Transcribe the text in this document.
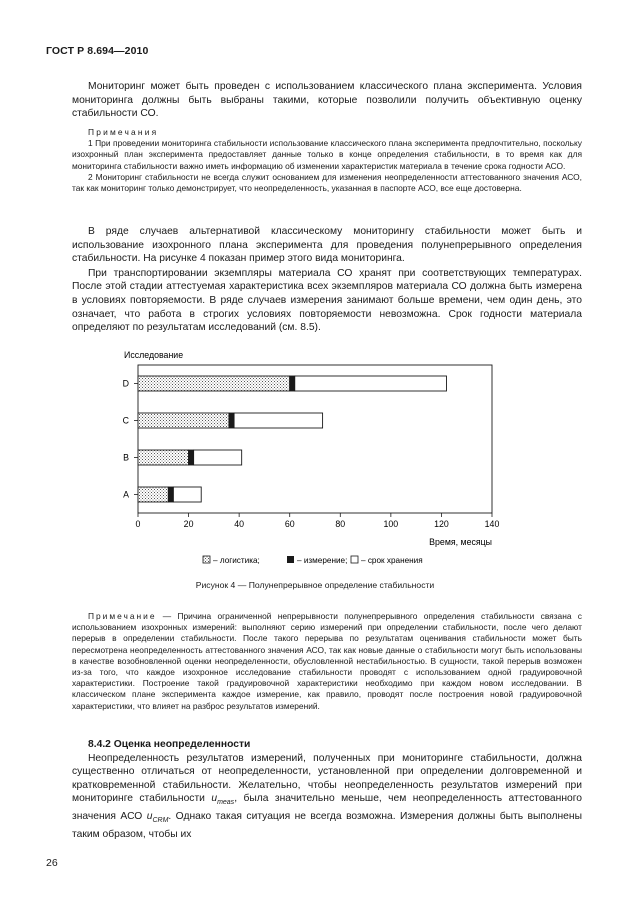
ГОСТ Р 8.694—2010

Мониторинг может быть проведен с использованием классического плана эксперимента. Условия мониторинга должны быть выбраны такими, которые позволили получить объективную оценку стабильности СО.

Примечания

1 При проведении мониторинга стабильности использование классического плана эксперимента предпочтительно, поскольку изохронный план эксперимента предоставляет данные только в конце определения стабильности, в то время как для мониторинга стабильности важно иметь информацию об изменении характеристик материала в течение срока годности АСО.

2 Мониторинг стабильности не всегда служит основанием для изменения неопределенности аттестованного значения АСО, так как мониторинг только демонстрирует, что неопределенность, указанная в паспорте АСО, все еще достоверна.

В ряде случаев альтернативой классическому мониторингу стабильности может быть и использование изохронного плана эксперимента для проведения полунепрерывного определения стабильности. На рисунке 4 показан пример этого вида мониторинга.

При транспортировании экземпляры материала СО хранят при соответствующих температурах. После этой стадии аттестуемая характеристика всех экземпляров материала СО должна быть измерена в условиях повторяемости. В ряде случаев измерения занимают больше времени, чем один день, это означает, что работа в строгих условиях повторяемости невозможна. Срок годности материала определяют по результатам исследований (см. 8.5).

Исследование
0	20	40	60	80	100	120	140
A
B
C
D
Время, месяцы
– логистика;	– измерение; – срок хранения
Рисунок 4 — Полунепрерывное определение стабильности

Примечание — Причина ограниченной непрерывности полунепрерывного определения стабильности связана с использованием изохронных измерений: выполняют серию измерений при определении стабильности, после чего делают перерыв в определении стабильности. После такого перерыва по результатам оценивания стабильности может быть пересмотрена неопределенность аттестованного значения АСО, так как новые данные о стабильности могут быть использованы в качестве возобновленной оценки неопределенности, обусловленной нестабильностью. В сущности, такой перерыв возможен из-за того, что каждое изохронное исследование стабильности проводят с использованием одной градуировочной характеристики. Построение такой градуировочной характеристики необходимо при каждом новом исследовании. В классическом плане эксперимента каждое измерение, как правило, проводят после построения новой градуировочной характеристики, что влияет на разброс результатов измерений.

8.4.2 Оценка неопределенности

Неопределенность результатов измерений, полученных при мониторинге стабильности, должна существенно отличаться от неопределенности, установленной при определении долговременной и кратковременной стабильности. Желательно, чтобы неопределенность результатов измерений при мониторинге стабильности $u_{meas}$, была значительно меньше, чем неопределенность аттестованного значения АСО $u_{CRM}$. Однако такая ситуация не всегда возможна. Измерения должны быть выполнены таким образом, чтобы их

26
